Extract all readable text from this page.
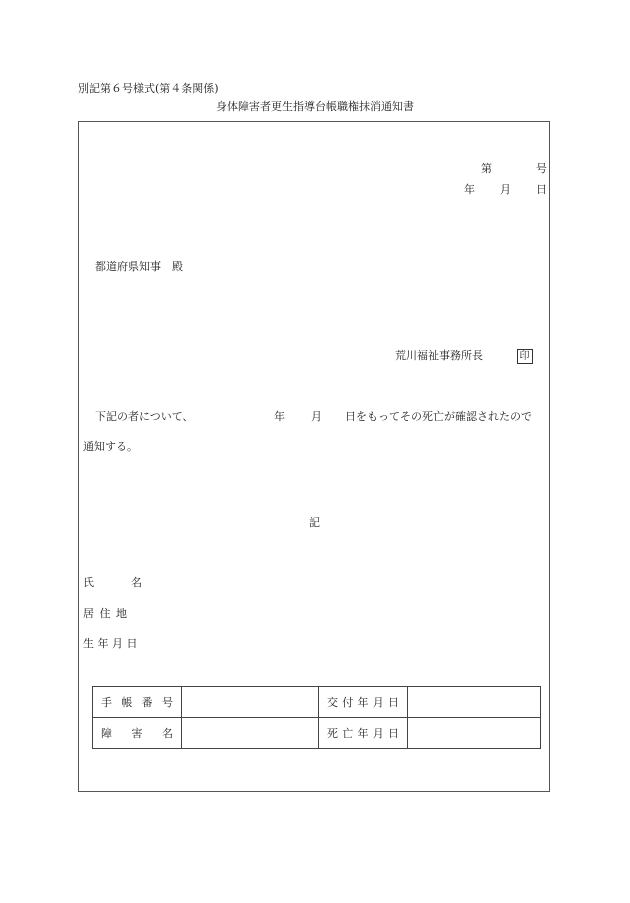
別記第６号様式(第４条関係)
身体障害者更生指導台帳職権抹消通知書
第	号
年 月 日
都道府県知事　殿
荒川福祉事務所長	印
下記の者について、	年 月 日をもってその死亡が確認されたので
通知する。
記
氏	名
居 住 地
生 年 月 日
手 帳 番 号		交 付 年 月 日	

障 害 名		死 亡 年 月 日	
